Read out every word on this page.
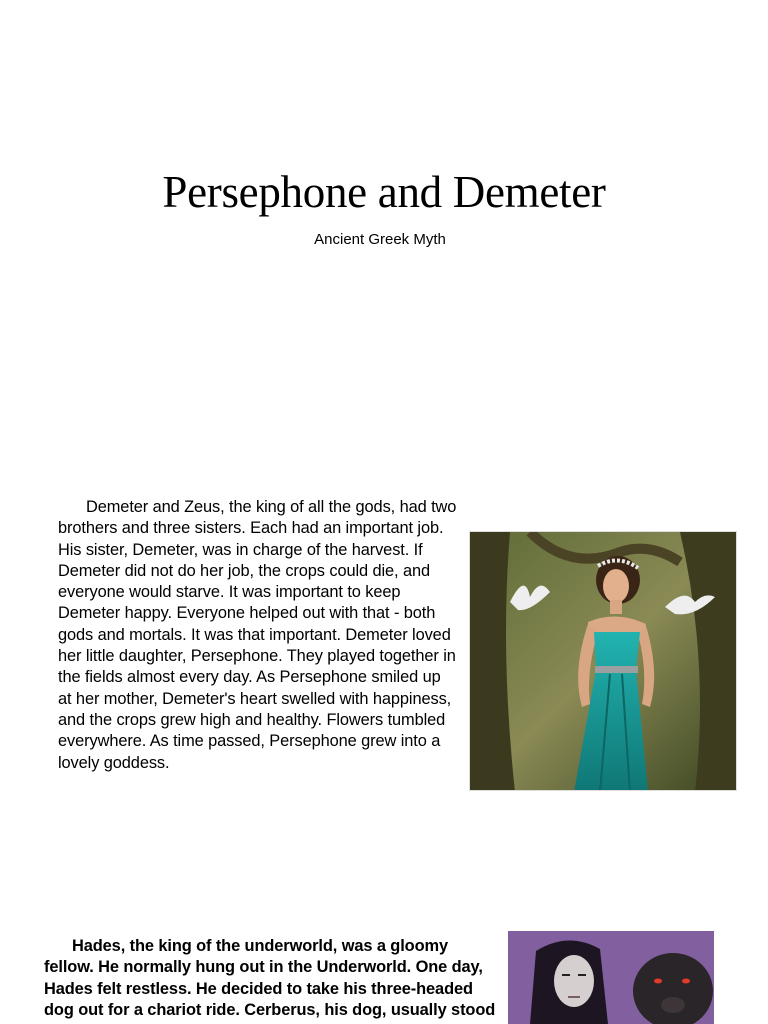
Persephone and Demeter
Ancient Greek Myth

Demeter and Zeus, the king of all the gods, had two brothers and three sisters. Each had an important job. His sister, Demeter, was in charge of the harvest. If Demeter did not do her job, the crops could die, and everyone would starve. It was important to keep Demeter happy. Everyone helped out with that - both gods and mortals. It was that important. Demeter loved her little daughter, Persephone. They played together in the fields almost every day. As Persephone smiled up at her mother, Demeter's heart swelled with happiness, and the crops grew high and healthy. Flowers tumbled everywhere. As time passed, Persephone grew into a lovely goddess.

Hades, the king of the underworld, was a gloomy fellow. He normally hung out in the Underworld. One day, Hades felt restless. He decided to take his three-headed dog out for a chariot ride. Cerberus, his dog, usually stood
